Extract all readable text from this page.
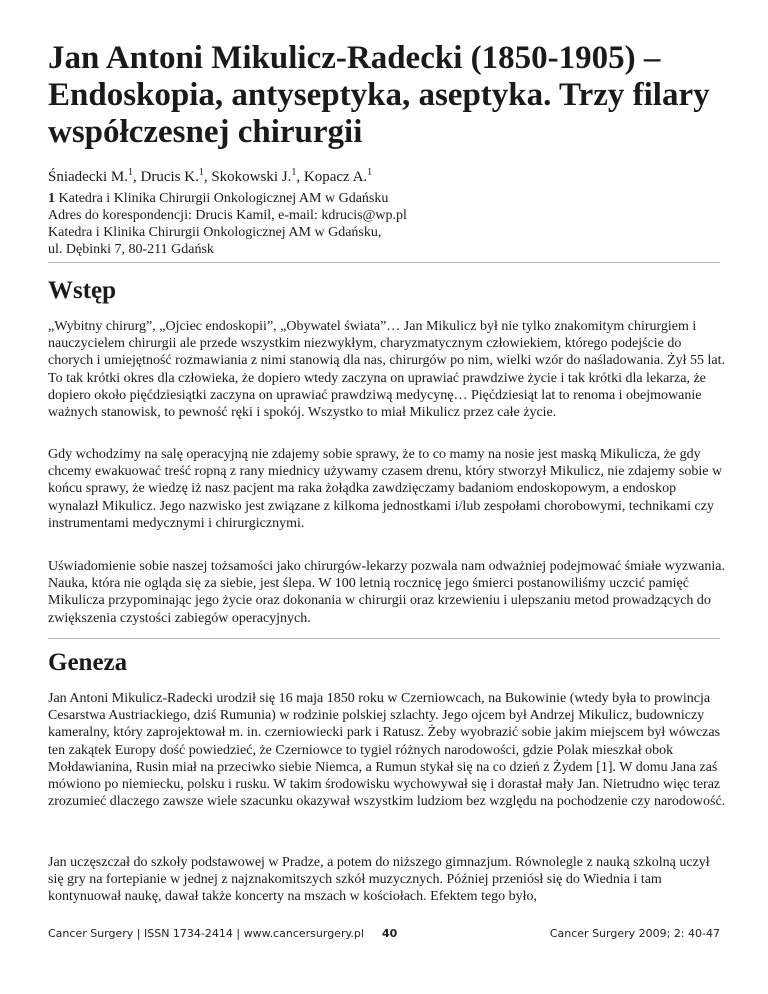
Jan Antoni Mikulicz-Radecki (1850-1905) – Endoskopia, antyseptyka, aseptyka. Trzy filary współczesnej chirurgii
Śniadecki M.$^1$, Drucis K.$^1$, Skokowski J.$^1$, Kopacz A.$^1$
1 Katedra i Klinika Chirurgii Onkologicznej AM w Gdańsku
Adres do korespondencji: Drucis Kamil, e-mail: kdrucis@wp.pl
Katedra i Klinika Chirurgii Onkologicznej AM w Gdańsku,
ul. Dębinki 7, 80-211 Gdańsk
Wstęp

„Wybitny chirurg”, „Ojciec endoskopii”, „Obywatel świata”… Jan Mikulicz był nie tylko znakomitym chirurgiem i nauczycielem chirurgii ale przede wszystkim niezwykłym, charyzmatycznym człowiekiem, którego podejście do chorych i umiejętność rozmawiania z nimi stanowią dla nas, chirurgów po nim, wielki wzór do naśladowania. Żył 55 lat. To tak krótki okres dla człowieka, że dopiero wtedy zaczyna on uprawiać prawdziwe życie i tak krótki dla lekarza, że dopiero około pięćdziesiątki zaczyna on uprawiać prawdziwą medycynę… Pięćdziesiąt lat to renoma i obejmowanie ważnych stanowisk, to pewność ręki i spokój. Wszystko to miał Mikulicz przez całe życie.

Gdy wchodzimy na salę operacyjną nie zdajemy sobie sprawy, że to co mamy na nosie jest maską Mikulicza, że gdy chcemy ewakuować treść ropną z rany miednicy używamy czasem drenu, który stworzył Mikulicz, nie zdajemy sobie w końcu sprawy, że wiedzę iż nasz pacjent ma raka żołądka zawdzięczamy badaniom endoskopowym, a endoskop wynalazł Mikulicz. Jego nazwisko jest związane z kilkoma jednostkami i/lub zespołami chorobowymi, technikami czy instrumentami medycznymi i chirurgicznymi.

Uświadomienie sobie naszej tożsamości jako chirurgów-lekarzy pozwala nam odważniej podejmować śmiałe wyzwania. Nauka, która nie ogląda się za siebie, jest ślepa. W 100 letnią rocznicę jego śmierci postanowiliśmy uczcić pamięć Mikulicza przypominając jego życie oraz dokonania w chirurgii oraz krzewieniu i ulepszaniu metod prowadzących do zwiększenia czystości zabiegów operacyjnych.

Geneza

Jan Antoni Mikulicz-Radecki urodził się 16 maja 1850 roku w Czerniowcach, na Bukowinie (wtedy była to prowincja Cesarstwa Austriackiego, dziś Rumunia) w rodzinie polskiej szlachty. Jego ojcem był Andrzej Mikulicz, budowniczy kameralny, który zaprojektował m. in. czerniowiecki park i Ratusz. Żeby wyobrazić sobie jakim miejscem był wówczas ten zakątek Europy dość powiedzieć, że Czerniowce to tygiel różnych narodowości, gdzie Polak mieszkał obok Mołdawianina, Rusin miał na przeciwko siebie Niemca, a Rumun stykał się na co dzień z Żydem [1]. W domu Jana zaś mówiono po niemiecku, polsku i rusku. W takim środowisku wychowywał się i dorastał mały Jan. Nietrudno więc teraz zrozumieć dlaczego zawsze wiele szacunku okazywał wszystkim ludziom bez względu na pochodzenie czy narodowość.

Jan uczęszczał do szkoły podstawowej w Pradze, a potem do niższego gimnazjum. Równolegle z nauką szkolną uczył się gry na fortepianie w jednej z najznakomitszych szkół muzycznych. Później przeniósł się do Wiednia i tam kontynuował naukę, dawał także koncerty na mszach w kościołach. Efektem tego było,

Cancer Surgery | ISSN 1734-2414 | www.cancersurgery.pl 40	Cancer Surgery 2009; 2: 40-47
